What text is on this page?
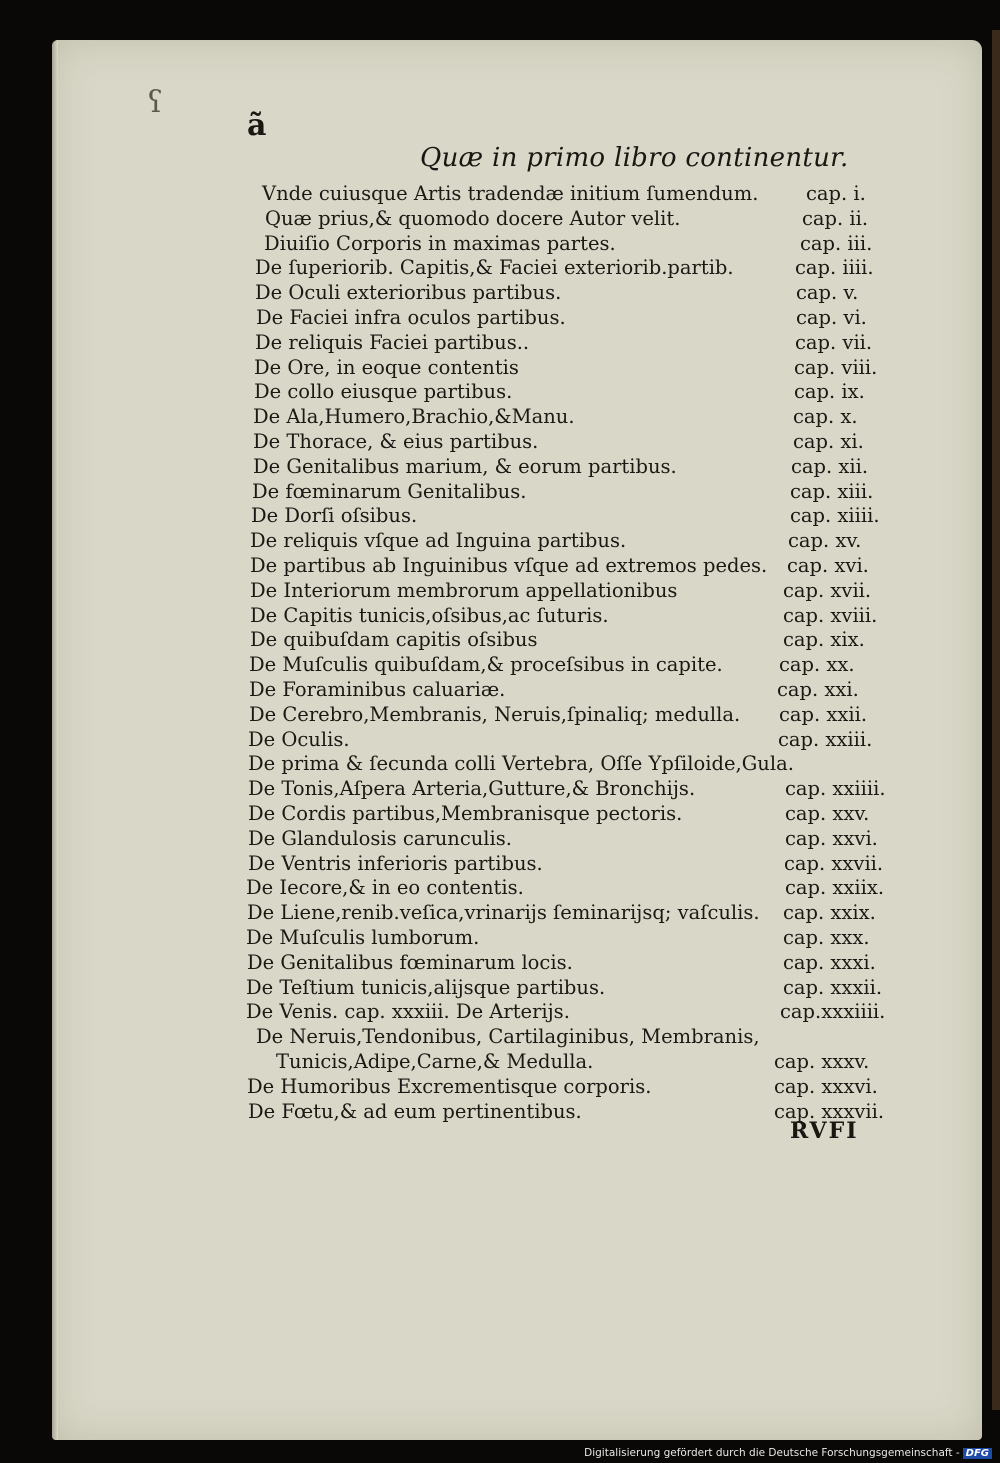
ʕ
ã
Quæ in primo libro continentur.
Vnde cuiusque Artis tradendæ initium ſumendum. cap. i.
Quæ prius,& quomodo docere Autor velit.	cap. ii.
Diuiſio Corporis in maximas partes.	cap. iii.
De ſuperiorib. Capitis,& Faciei exteriorib.partib.	cap. iiii.
De Oculi exterioribus partibus.	cap. v.
De Faciei infra oculos partibus.	cap. vi.
De reliquis Faciei partibus..	cap. vii.
De Ore, in eoque contentis	cap. viii.
De collo eiusque partibus.	cap. ix.
De Ala,Humero,Brachio,&Manu.	cap. x.
De Thorace, & eius partibus.	cap. xi.
De Genitalibus marium, & eorum partibus.	cap. xii.
De fœminarum Genitalibus.	cap. xiii.
De Dorſi oſsibus.	cap. xiiii.
De reliquis vſque ad Inguina partibus.	cap. xv.
De partibus ab Inguinibus vſque ad extremos pedes. cap. xvi.
De Interiorum membrorum appellationibus	cap. xvii.
De Capitis tunicis,oſsibus,ac ſuturis.	cap. xviii.
De quibuſdam capitis oſsibus	cap. xix.
De Muſculis quibuſdam,& proceſsibus in capite.	cap. xx.
De Foraminibus caluariæ.	cap. xxi.
De Cerebro,Membranis, Neruis,ſpinaliq; medulla. cap. xxii.
De Oculis.	cap. xxiii.
De prima & ſecunda colli Vertebra, Oſſe Ypſiloide,Gula.
De Tonis,Aſpera Arteria,Gutture,& Bronchijs.	cap. xxiiii.
De Cordis partibus,Membranisque pectoris.	cap. xxv.
De Glandulosis carunculis.	cap. xxvi.
De Ventris inferioris partibus.	cap. xxvii.
De Iecore,& in eo contentis.	cap. xxiix.
De Liene,renib.veſica,vrinarijs ſeminarijsq; vaſculis. cap. xxix.
De Muſculis lumborum.	cap. xxx.
De Genitalibus fœminarum locis.	cap. xxxi.
De Teſtium tunicis,alijsque partibus.	cap. xxxii.
De Venis. cap. xxxiii. De Arterijs.	cap.xxxiiii.
De Neruis,Tendonibus, Cartilaginibus, Membranis,
Tunicis,Adipe,Carne,& Medulla.	cap. xxxv.
De Humoribus Excrementisque corporis.	cap. xxxvi.
De Fœtu,& ad eum pertinentibus.	cap. xxxvii.
RVFI
Digitalisierung gefördert durch die Deutsche Forschungsgemeinschaft - DFG
